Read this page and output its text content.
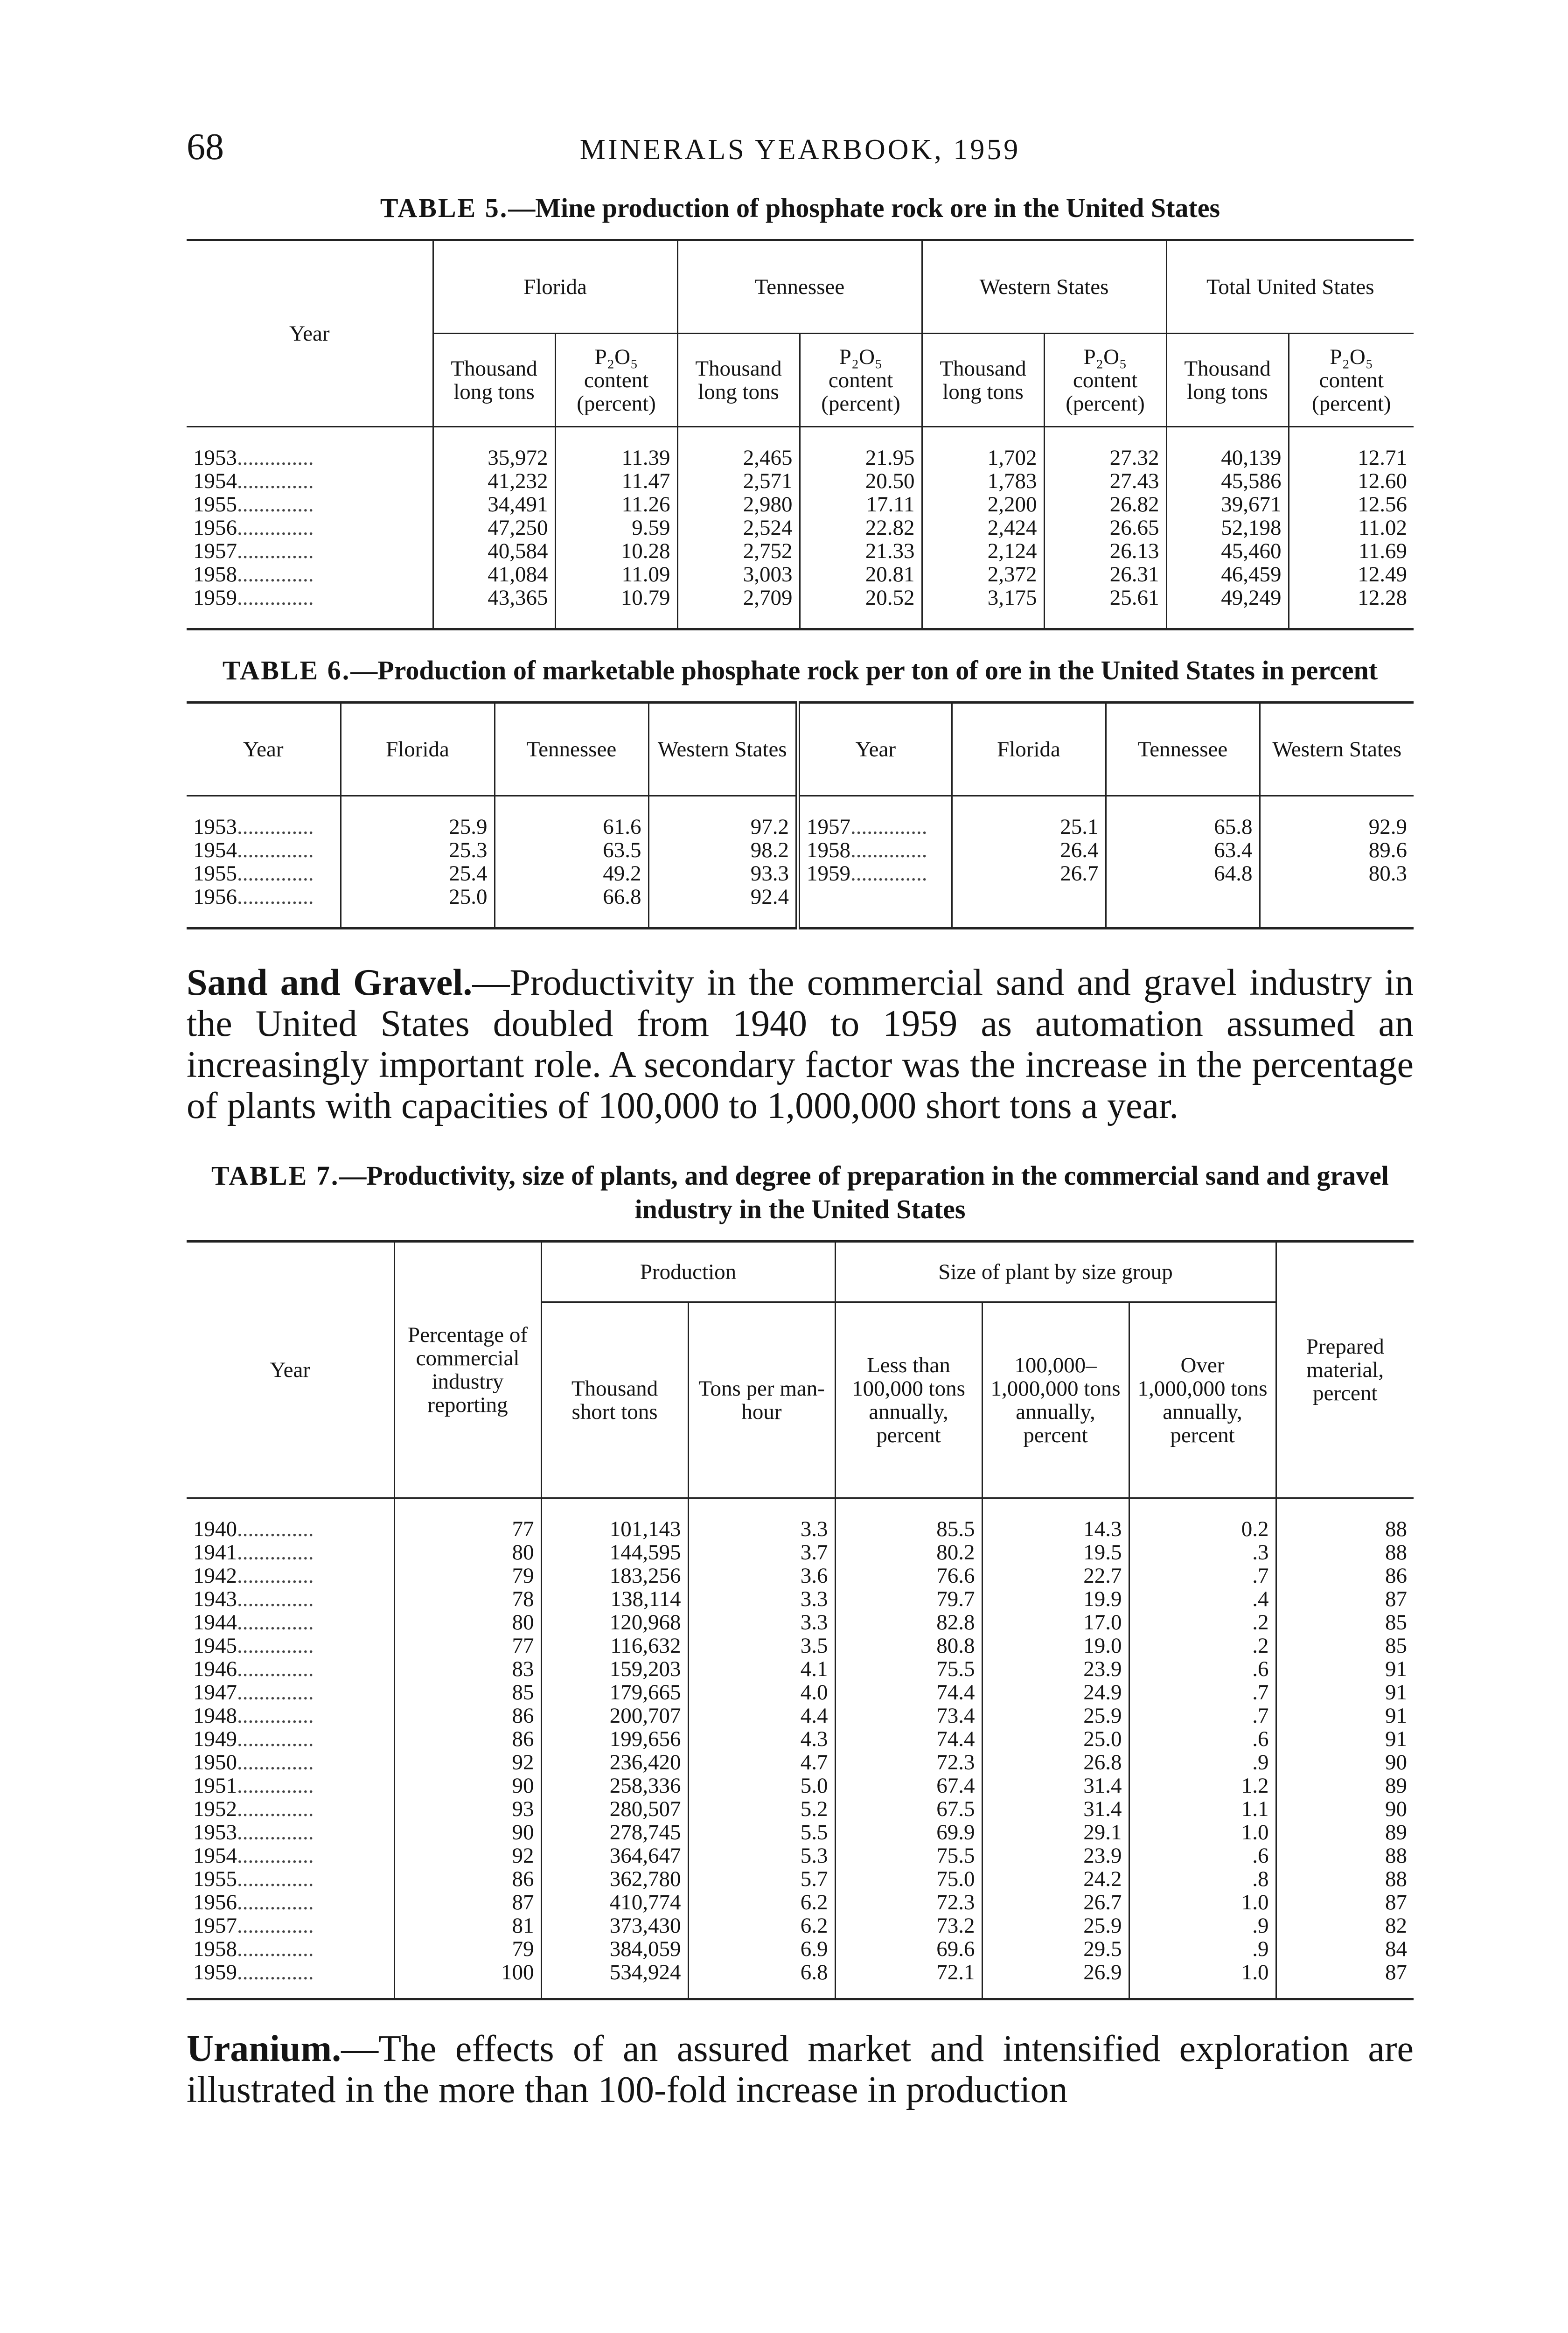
68	MINERALS YEARBOOK, 1959
TABLE 5.—Mine production of phosphate rock ore in the United States
Year	Florida		Tennessee		Western States		Total United States	
	Thousand long tons	P₂O₅ content (percent)	Thousand long tons	P₂O₅ content (percent)	Thousand long tons	P₂O₅ content (percent)	Thousand long tons	P₂O₅ content (percent)
1953..............	35,972	11.39	2,465	21.95	1,702	27.32	40,139	12.71
1954..............	41,232	11.47	2,571	20.50	1,783	27.43	45,586	12.60
1955..............	34,491	11.26	2,980	17.11	2,200	26.82	39,671	12.56
1956..............	47,250	9.59	2,524	22.82	2,424	26.65	52,198	11.02
1957..............	40,584	10.28	2,752	21.33	2,124	26.13	45,460	11.69
1958..............	41,084	11.09	3,003	20.81	2,372	26.31	46,459	12.49
1959..............	43,365	10.79	2,709	20.52	3,175	25.61	49,249	12.28
TABLE 6.—Production of marketable phosphate rock per ton of ore in the United States in percent
Year	Florida	Tennessee	Western States	Year	Florida	Tennessee	Western States
1953..............	25.9	61.6	97.2	1957..............	25.1	65.8	92.9
1954..............	25.3	63.5	98.2	1958..............	26.4	63.4	89.6
1955..............	25.4	49.2	93.3	1959..............	26.7	64.8	80.3
1956..............	25.0	66.8	92.4				

Sand and Gravel.—Productivity in the commercial sand and gravel industry in the United States doubled from 1940 to 1959 as automation assumed an increasingly important role. A secondary factor was the increase in the percentage of plants with capacities of 100,000 to 1,000,000 short tons a year.

TABLE 7.—Productivity, size of plants, and degree of preparation in the commercial sand and gravel industry in the United States
Year	Percentage of commercial industry reporting	Production		Size of plant by size group			Prepared material, percent
		Thousand short tons	Tons per man-hour	Less than 100,000 tons annually, percent	100,000–1,000,000 tons annually, percent	Over 1,000,000 tons annually, percent	
1940..............	77	101,143	3.3	85.5	14.3	0.2	88
1941..............	80	144,595	3.7	80.2	19.5	.3	88
1942..............	79	183,256	3.6	76.6	22.7	.7	86
1943..............	78	138,114	3.3	79.7	19.9	.4	87
1944..............	80	120,968	3.3	82.8	17.0	.2	85
1945..............	77	116,632	3.5	80.8	19.0	.2	85
1946..............	83	159,203	4.1	75.5	23.9	.6	91
1947..............	85	179,665	4.0	74.4	24.9	.7	91
1948..............	86	200,707	4.4	73.4	25.9	.7	91
1949..............	86	199,656	4.3	74.4	25.0	.6	91
1950..............	92	236,420	4.7	72.3	26.8	.9	90
1951..............	90	258,336	5.0	67.4	31.4	1.2	89
1952..............	93	280,507	5.2	67.5	31.4	1.1	90
1953..............	90	278,745	5.5	69.9	29.1	1.0	89
1954..............	92	364,647	5.3	75.5	23.9	.6	88
1955..............	86	362,780	5.7	75.0	24.2	.8	88
1956..............	87	410,774	6.2	72.3	26.7	1.0	87
1957..............	81	373,430	6.2	73.2	25.9	.9	82
1958..............	79	384,059	6.9	69.6	29.5	.9	84
1959..............	100	534,924	6.8	72.1	26.9	1.0	87

Uranium.—The effects of an assured market and intensified exploration are illustrated in the more than 100-fold increase in production
